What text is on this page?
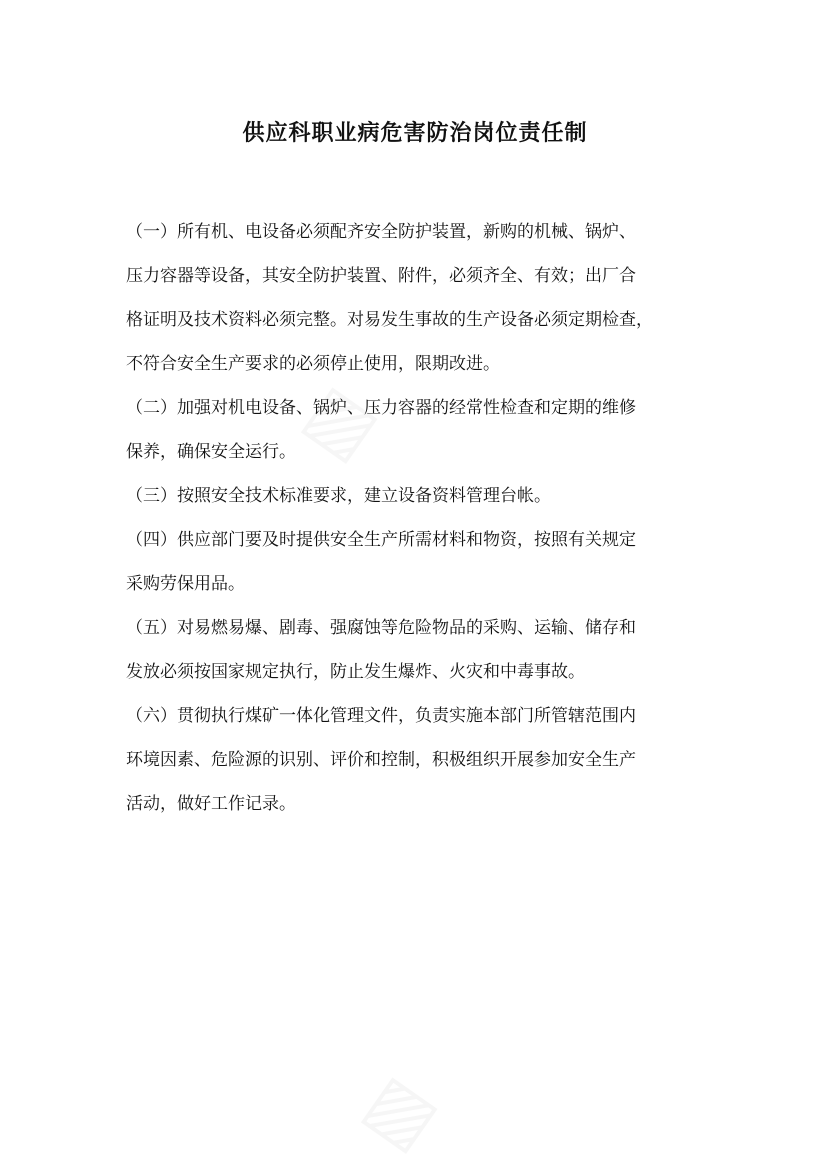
供应科职业病危害防治岗位责任制

（一）所有机、电设备必须配齐安全防护装置，新购的机械、锅炉、
压力容器等设备，其安全防护装置、附件，必须齐全、有效；出厂合
格证明及技术资料必须完整。对易发生事故的生产设备必须定期检查，
不符合安全生产要求的必须停止使用，限期改进。

（二）加强对机电设备、锅炉、压力容器的经常性检查和定期的维修
保养，确保安全运行。

（三）按照安全技术标准要求，建立设备资料管理台帐。

（四）供应部门要及时提供安全生产所需材料和物资，按照有关规定
采购劳保用品。

（五）对易燃易爆、剧毒、强腐蚀等危险物品的采购、运输、储存和
发放必须按国家规定执行，防止发生爆炸、火灾和中毒事故。

（六）贯彻执行煤矿一体化管理文件，负责实施本部门所管辖范围内
环境因素、危险源的识别、评价和控制，积极组织开展参加安全生产
活动，做好工作记录。
